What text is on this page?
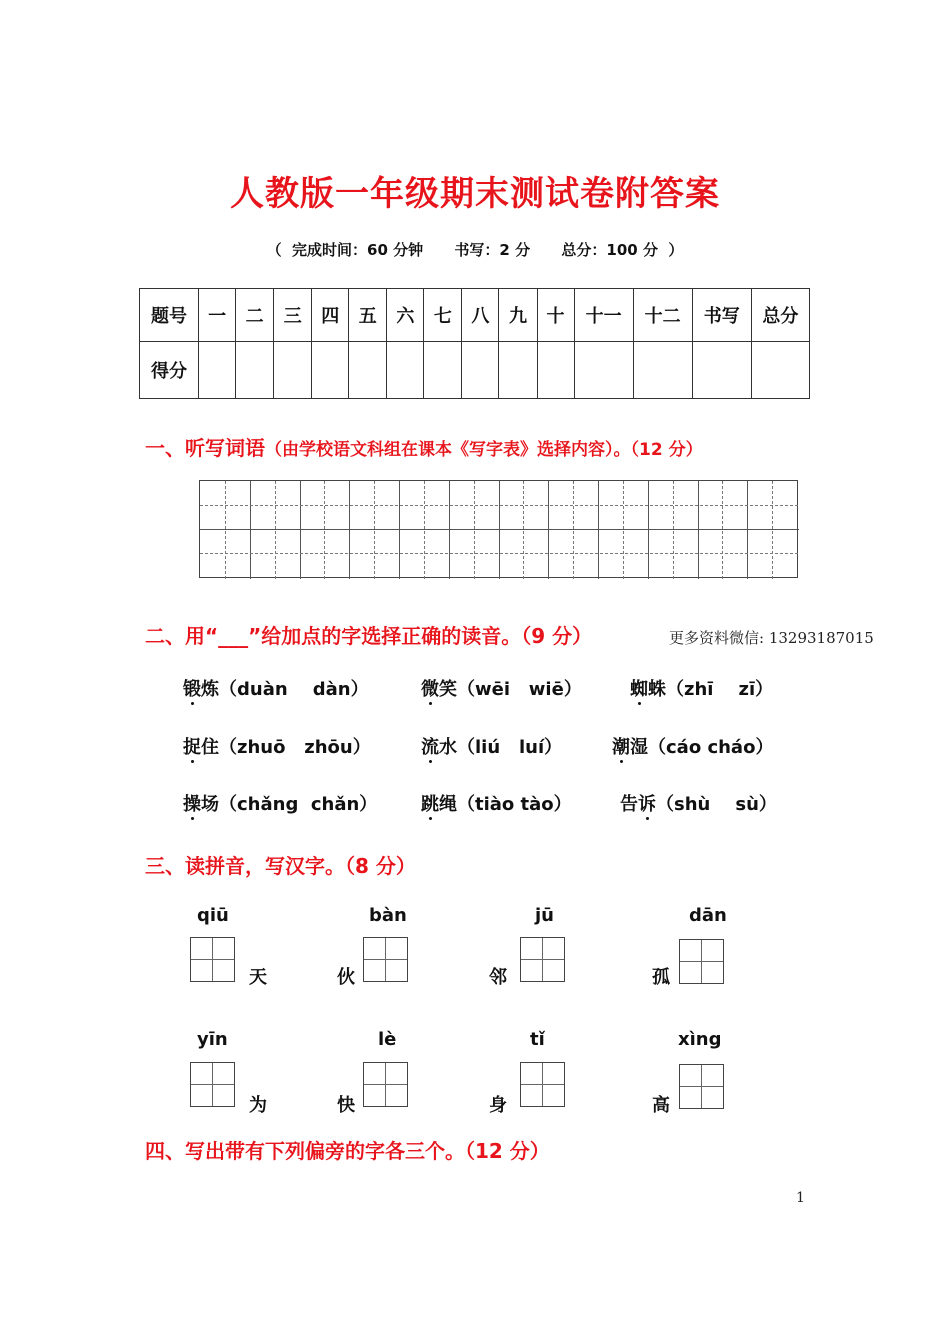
人教版一年级期末测试卷附答案
（  完成时间：60 分钟      书写：2 分      总分：100 分  ）
题号	一	二	三	四	五	六	七	八	九	十	十一	十二	书写	总分
得分														
一、听写词语（由学校语文科组在课本《写字表》选择内容）。（12 分）
二、用“___”给加点的字选择正确的读音。（9 分）	更多资料微信: 13293187015
锻炼（duàn    dàn）	微笑（wēi   wiē）	蜘蛛（zhī    zī）
捉住（zhuō   zhōu）	流水（liú   luí）	潮湿（cáo cháo）
操场（chǎng  chǎn） 跳绳（tiào tào）	告诉（shù    sù）
三、读拼音，写汉字。（8 分）
qiū
天
bàn
伙
jū
邻
dān
孤
yīn
为
lè
快
tǐ
身
xìng
高
四、写出带有下列偏旁的字各三个。（12 分）
1
